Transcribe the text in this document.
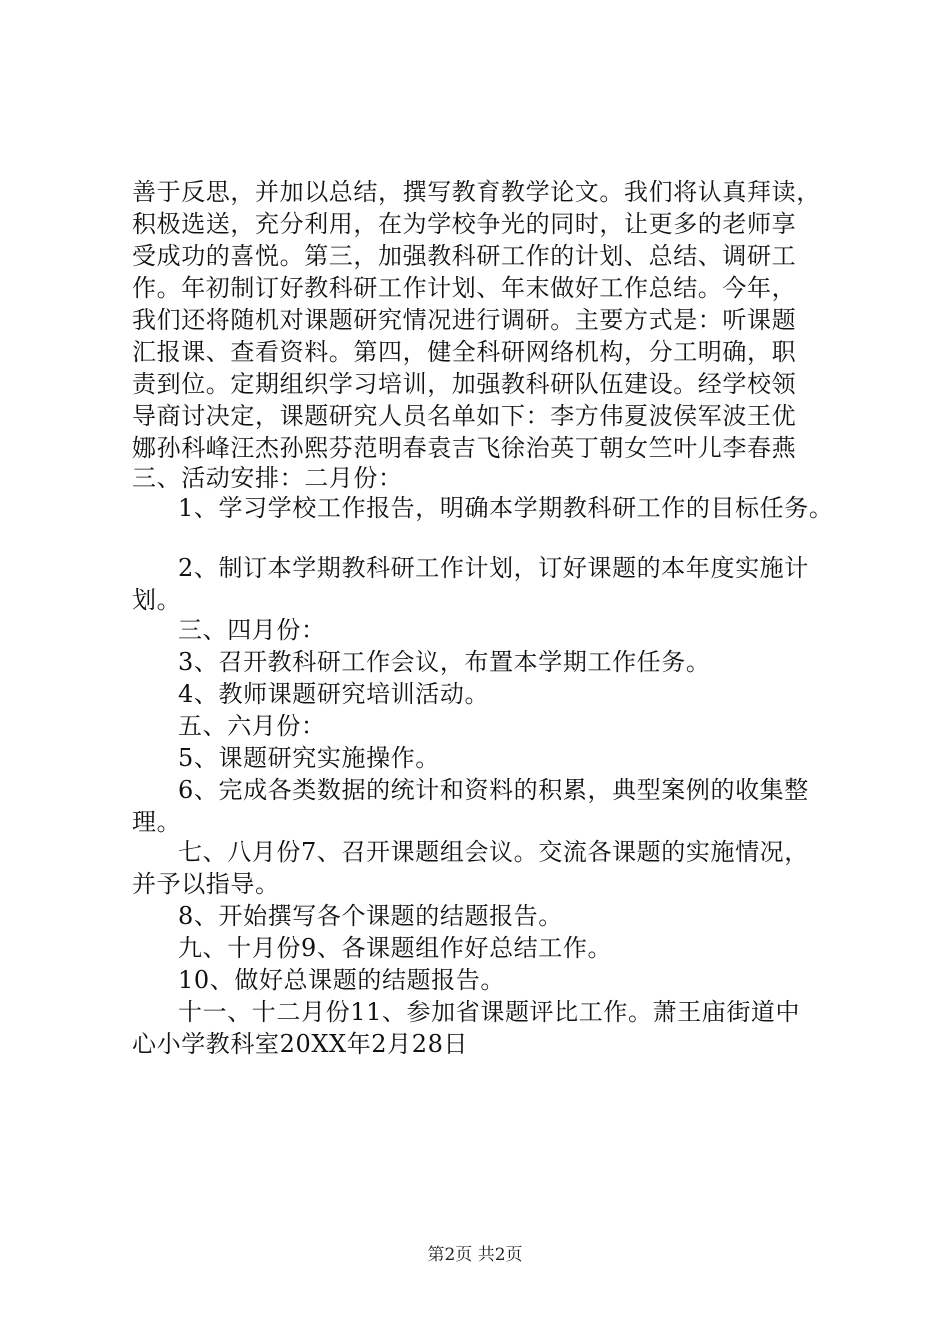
善于反思，并加以总结，撰写教育教学论文。我们将认真拜读，
积极选送，充分利用，在为学校争光的同时，让更多的老师享
受成功的喜悦。第三，加强教科研工作的计划、总结、调研工
作。年初制订好教科研工作计划、年末做好工作总结。今年，
我们还将随机对课题研究情况进行调研。主要方式是：听课题
汇报课、查看资料。第四，健全科研网络机构，分工明确，职
责到位。定期组织学习培训，加强教科研队伍建设。经学校领
导商讨决定，课题研究人员名单如下：李方伟夏波侯军波王优
娜孙科峰汪杰孙熙芬范明春袁吉飞徐治英丁朝女竺叶儿李春燕
三、活动安排：二月份：
1、学习学校工作报告，明确本学期教科研工作的目标任务。
2、制订本学期教科研工作计划，订好课题的本年度实施计
划。
三、四月份：
3、召开教科研工作会议，布置本学期工作任务。
4、教师课题研究培训活动。
五、六月份：
5、课题研究实施操作。
6、完成各类数据的统计和资料的积累，典型案例的收集整
理。
七、八月份7、召开课题组会议。交流各课题的实施情况，
并予以指导。
8、开始撰写各个课题的结题报告。
九、十月份9、各课题组作好总结工作。
10、做好总课题的结题报告。
十一、十二月份11、参加省课题评比工作。萧王庙街道中
心小学教科室20XX年2月28日
第2页 共2页
